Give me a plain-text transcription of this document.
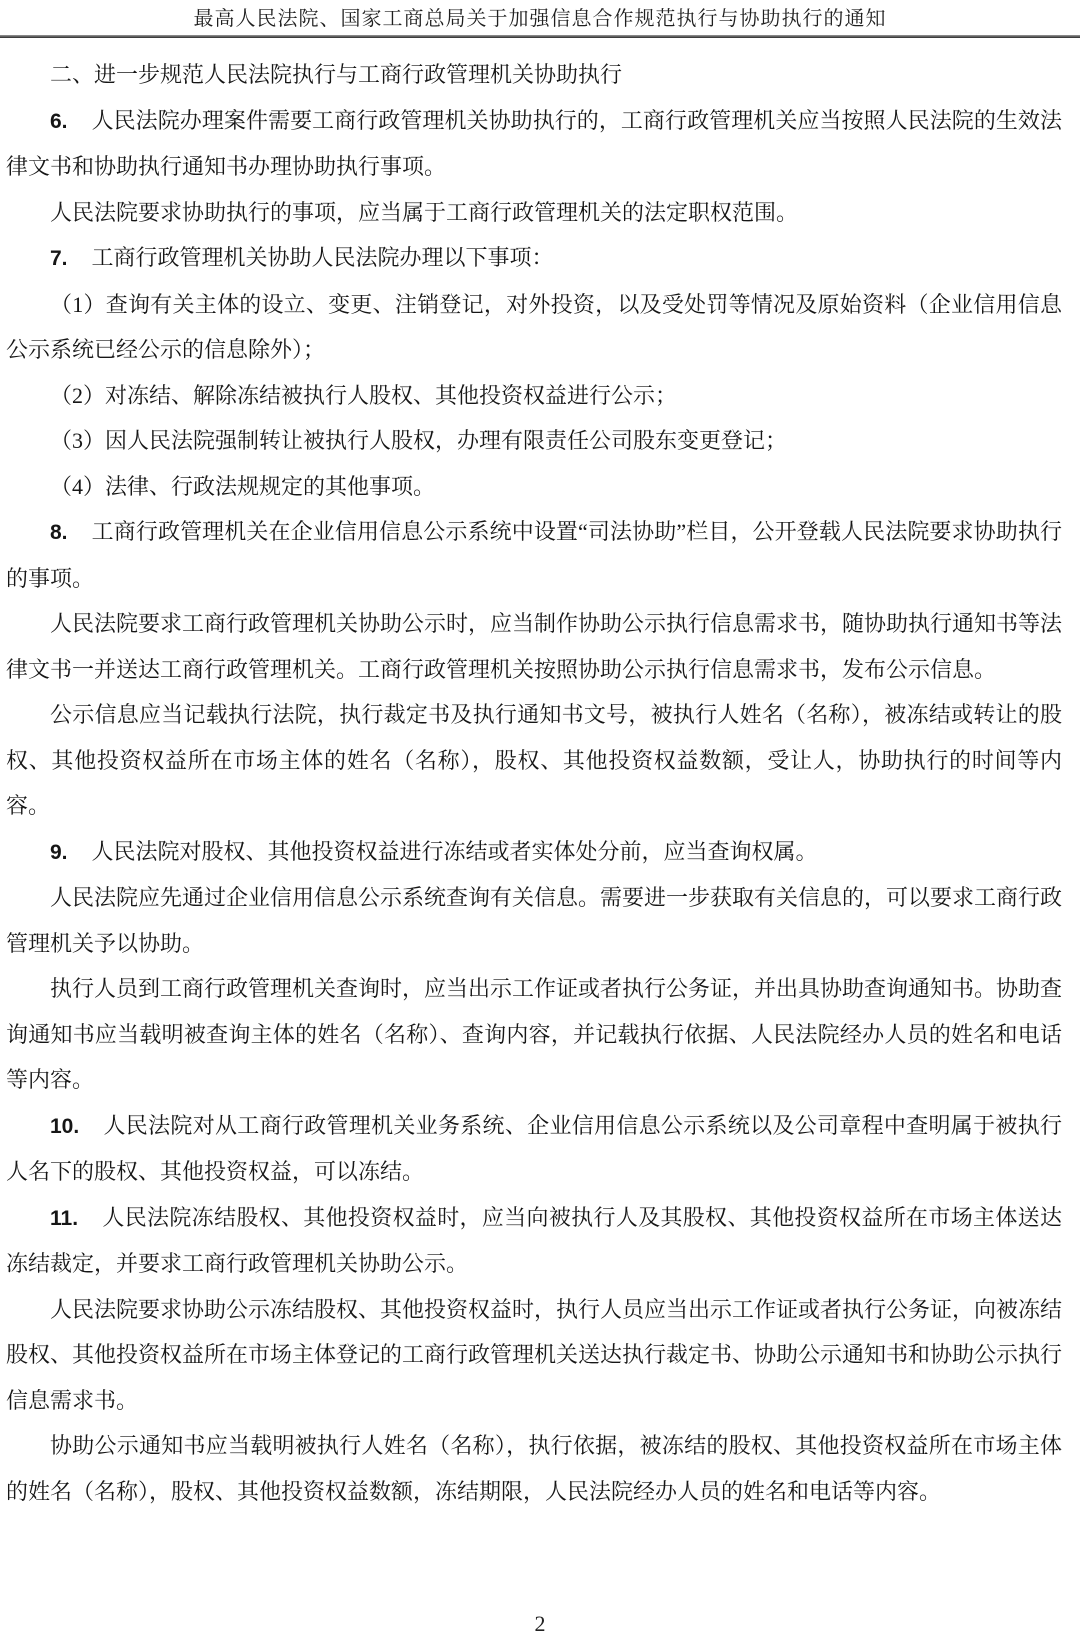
最高人民法院、国家工商总局关于加强信息合作规范执行与协助执行的通知

二、进一步规范人民法院执行与工商行政管理机关协助执行

6. 人民法院办理案件需要工商行政管理机关协助执行的，工商行政管理机关应当按照人民法院的生效法律文书和协助执行通知书办理协助执行事项。

人民法院要求协助执行的事项，应当属于工商行政管理机关的法定职权范围。

7. 工商行政管理机关协助人民法院办理以下事项：

（1）查询有关主体的设立、变更、注销登记，对外投资，以及受处罚等情况及原始资料（企业信用信息公示系统已经公示的信息除外）；

（2）对冻结、解除冻结被执行人股权、其他投资权益进行公示；

（3）因人民法院强制转让被执行人股权，办理有限责任公司股东变更登记；

（4）法律、行政法规规定的其他事项。

8. 工商行政管理机关在企业信用信息公示系统中设置“司法协助”栏目，公开登载人民法院要求协助执行的事项。

人民法院要求工商行政管理机关协助公示时，应当制作协助公示执行信息需求书，随协助执行通知书等法律文书一并送达工商行政管理机关。工商行政管理机关按照协助公示执行信息需求书，发布公示信息。

公示信息应当记载执行法院，执行裁定书及执行通知书文号，被执行人姓名（名称），被冻结或转让的股权、其他投资权益所在市场主体的姓名（名称），股权、其他投资权益数额，受让人，协助执行的时间等内容。

9. 人民法院对股权、其他投资权益进行冻结或者实体处分前，应当查询权属。

人民法院应先通过企业信用信息公示系统查询有关信息。需要进一步获取有关信息的，可以要求工商行政管理机关予以协助。

执行人员到工商行政管理机关查询时，应当出示工作证或者执行公务证，并出具协助查询通知书。协助查询通知书应当载明被查询主体的姓名（名称）、查询内容，并记载执行依据、人民法院经办人员的姓名和电话等内容。

10. 人民法院对从工商行政管理机关业务系统、企业信用信息公示系统以及公司章程中查明属于被执行人名下的股权、其他投资权益，可以冻结。

11. 人民法院冻结股权、其他投资权益时，应当向被执行人及其股权、其他投资权益所在市场主体送达冻结裁定，并要求工商行政管理机关协助公示。

人民法院要求协助公示冻结股权、其他投资权益时，执行人员应当出示工作证或者执行公务证，向被冻结股权、其他投资权益所在市场主体登记的工商行政管理机关送达执行裁定书、协助公示通知书和协助公示执行信息需求书。

协助公示通知书应当载明被执行人姓名（名称），执行依据，被冻结的股权、其他投资权益所在市场主体的姓名（名称），股权、其他投资权益数额，冻结期限，人民法院经办人员的姓名和电话等内容。

2
